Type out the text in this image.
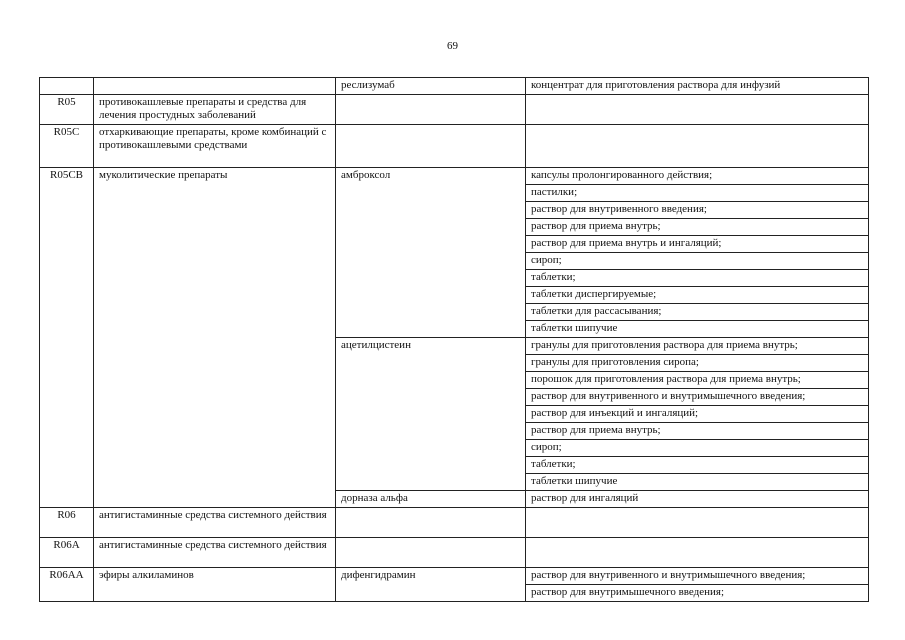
69
		реслизумаб	концентрат для приготовления раствора для инфузий
R05	противокашлевые препараты и средства для лечения простудных заболеваний		
R05C	отхаркивающие препараты, кроме комбинаций с противокашлевыми средствами		
R05CB	муколитические препараты	амброксол	капсулы пролонгированного действия;
			пастилки;
			раствор для внутривенного введения;
			раствор для приема внутрь;
			раствор для приема внутрь и ингаляций;
			сироп;
			таблетки;
			таблетки диспергируемые;
			таблетки для рассасывания;
			таблетки шипучие
		ацетилцистеин	гранулы для приготовления раствора для приема внутрь;
			гранулы для приготовления сиропа;
			порошок для приготовления раствора для приема внутрь;
			раствор для внутривенного и внутримышечного введения;
			раствор для инъекций и ингаляций;
			раствор для приема внутрь;
			сироп;
			таблетки;
			таблетки шипучие
		дорназа альфа	раствор для ингаляций
R06	антигистаминные средства системного действия		
R06A	антигистаминные средства системного действия		
R06AA	эфиры алкиламинов	дифенгидрамин	раствор для внутривенного и внутримышечного введения;
			раствор для внутримышечного введения;
